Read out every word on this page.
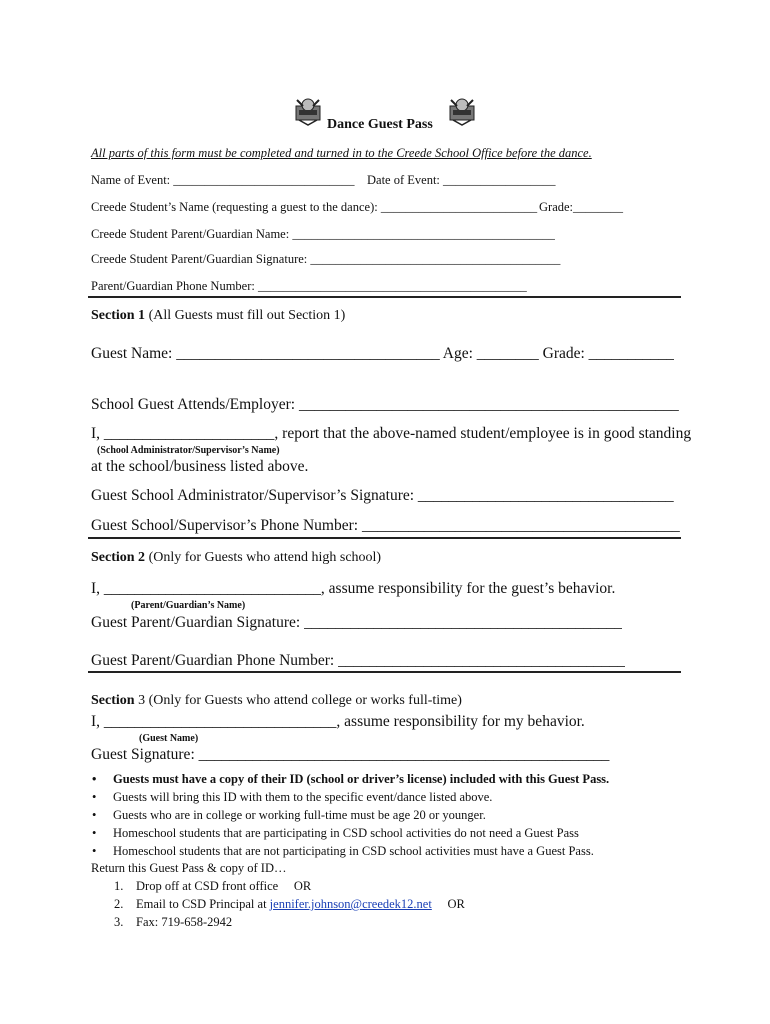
Dance Guest Pass
All parts of this form must be completed and turned in to the Creede School Office before the dance.
Name of Event: _____________________________ Date of Event: __________________
Creede Student’s Name (requesting a guest to the dance): _________________________ Grade:________
Creede Student Parent/Guardian Name: __________________________________________
Creede Student Parent/Guardian Signature: ________________________________________
Parent/Guardian Phone Number: ___________________________________________
Section 1 (All Guests must fill out Section 1)
Guest Name: __________________________________ Age: ________ Grade: ___________
School Guest Attends/Employer: _________________________________________________
I, ______________________, report that the above-named student/employee is in good standing
(School Administrator/Supervisor’s Name)
at the school/business listed above.
Guest School Administrator/Supervisor’s Signature: _________________________________
Guest School/Supervisor’s Phone Number: _________________________________________
Section 2 (Only for Guests who attend high school)
I, ____________________________, assume responsibility for the guest’s behavior.
(Parent/Guardian’s Name)
Guest Parent/Guardian Signature: _________________________________________
Guest Parent/Guardian Phone Number: _____________________________________
Section 3 (Only for Guests who attend college or works full-time)
I, ______________________________, assume responsibility for my behavior.
(Guest Name)
Guest Signature: _____________________________________________________
• Guests must have a copy of their ID (school or driver’s license) included with this Guest Pass.
• Guests will bring this ID with them to the specific event/dance listed above.
• Guests who are in college or working full-time must be age 20 or younger.
• Homeschool students that are participating in CSD school activities do not need a Guest Pass
• Homeschool students that are not participating in CSD school activities must have a Guest Pass.
Return this Guest Pass & copy of ID…
1. Drop off at CSD front office     OR
2. Email to CSD Principal at jennifer.johnson@creedek12.net     OR
3. Fax: 719-658-2942
